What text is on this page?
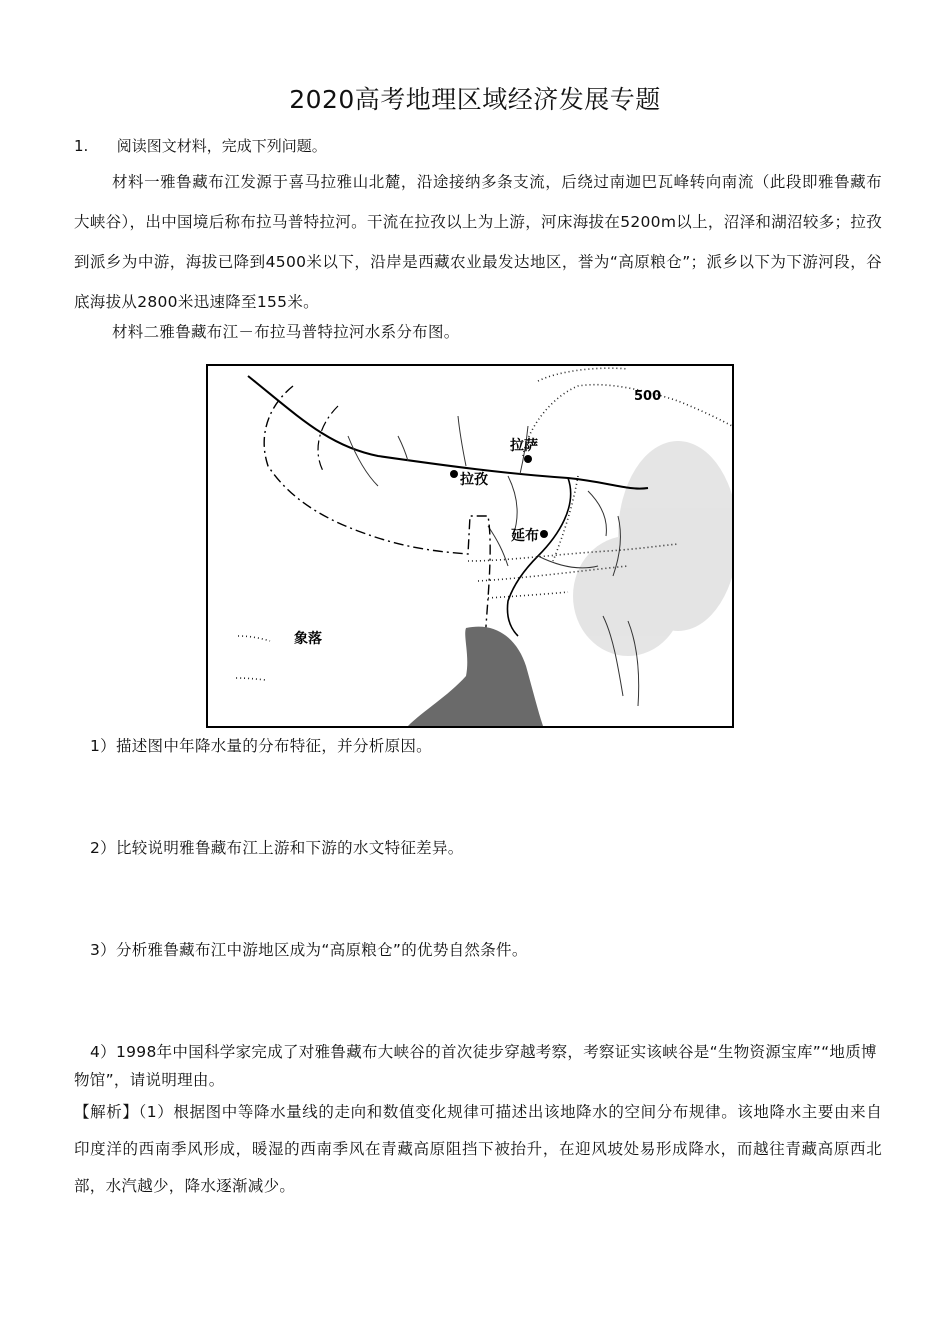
2020高考地理区域经济发展专题
1. 阅读图文材料，完成下列问题。
材料一雅鲁藏布江发源于喜马拉雅山北麓，沿途接纳多条支流，后绕过南迦巴瓦峰转向南流（此段即雅鲁藏布大峡谷），出中国境后称布拉马普特拉河。干流在拉孜以上为上游，河床海拔在5200m以上，沼泽和湖沼较多；拉孜到派乡为中游，海拔已降到4500米以下，沿岸是西藏农业最发达地区，誉为“高原粮仓”；派乡以下为下游河段，谷底海拔从2800米迅速降至155米。
材料二雅鲁藏布江－布拉马普特拉河水系分布图。
500
拉萨
拉孜
延布
象落
1）描述图中年降水量的分布特征，并分析原因。
2）比较说明雅鲁藏布江上游和下游的水文特征差异。
3）分析雅鲁藏布江中游地区成为“高原粮仓”的优势自然条件。
4）1998年中国科学家完成了对雅鲁藏布大峡谷的首次徒步穿越考察，考察证实该峡谷是“生物资源宝库”“地质博物馆”，请说明理由。
【解析】（1）根据图中等降水量线的走向和数值变化规律可描述出该地降水的空间分布规律。该地降水主要由来自印度洋的西南季风形成，暖湿的西南季风在青藏高原阻挡下被抬升，在迎风坡处易形成降水，而越往青藏高原西北部，水汽越少，降水逐渐减少。
